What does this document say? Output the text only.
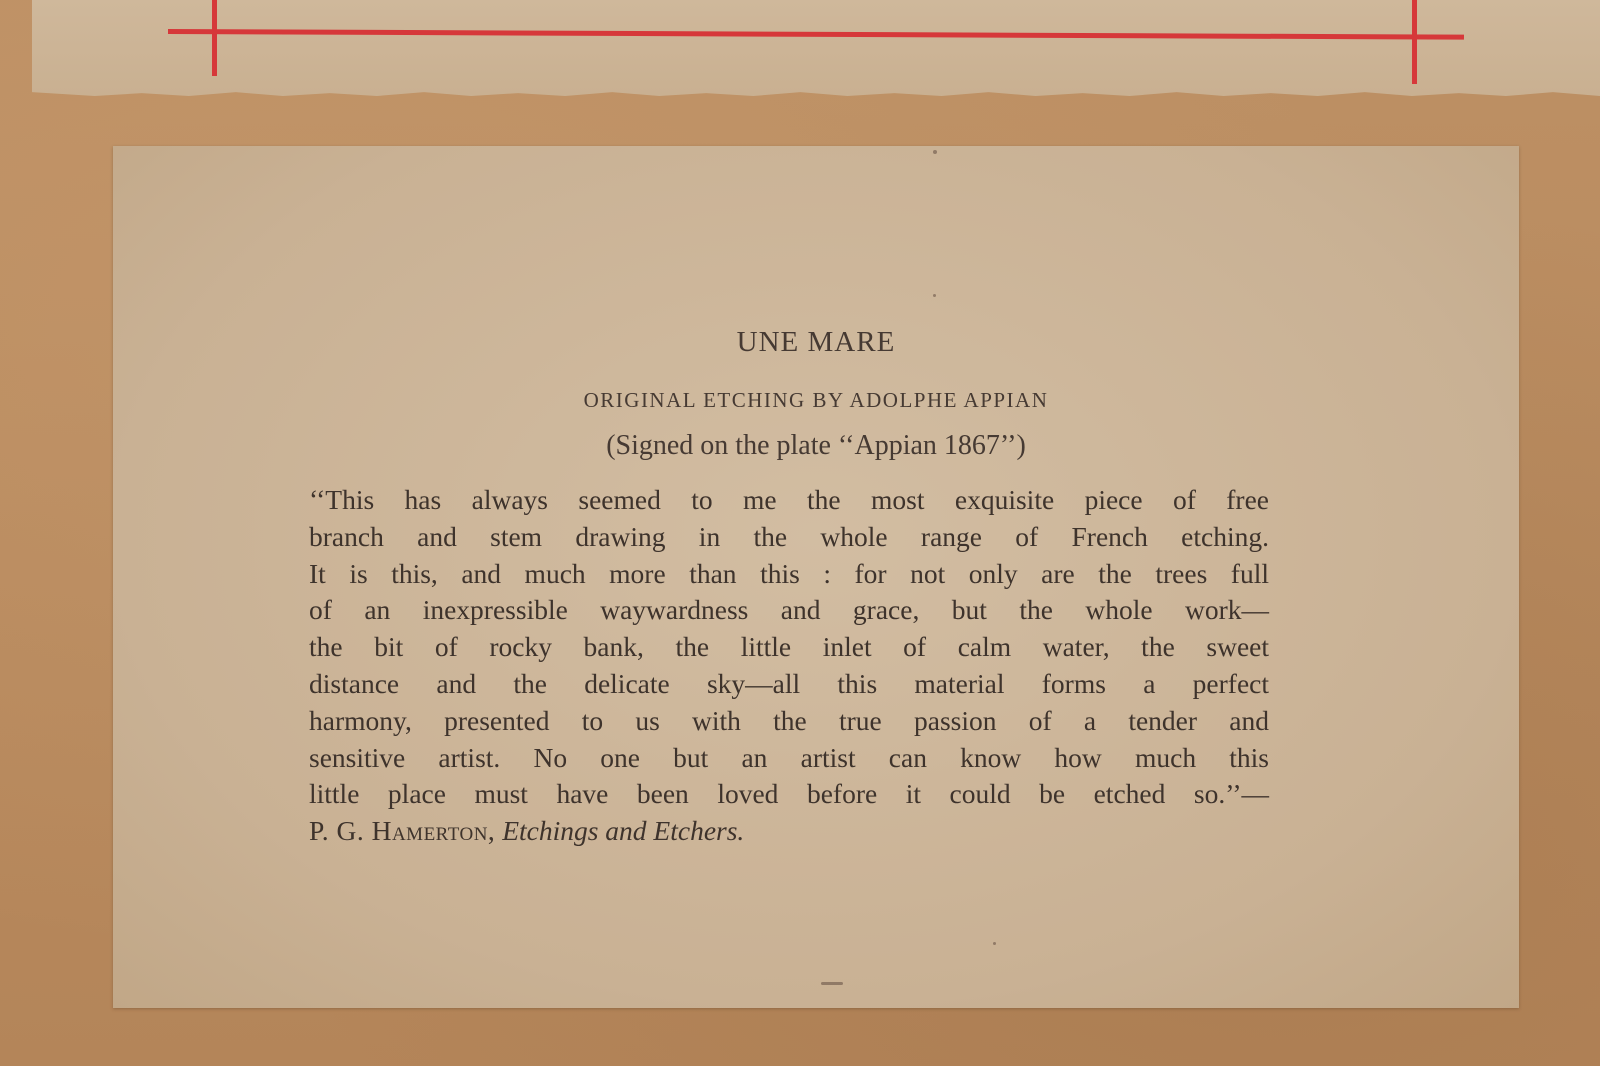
UNE MARE
ORIGINAL ETCHING BY ADOLPHE APPIAN
(Signed on the plate ‘‘Appian 1867’’)
‘‘This has always seemed to me the most exquisite piece of free
branch and stem drawing in the whole range of French etching.
It is this, and much more than this : for not only are the trees full
of an inexpressible waywardness and grace, but the whole work—
the bit of rocky bank, the little inlet of calm water, the sweet
distance and the delicate sky—all this material forms a perfect
harmony, presented to us with the true passion of a tender and
sensitive artist. No one but an artist can know how much this
little place must have been loved before it could be etched so.’’—
P. G. Hamerton, Etchings and Etchers.
